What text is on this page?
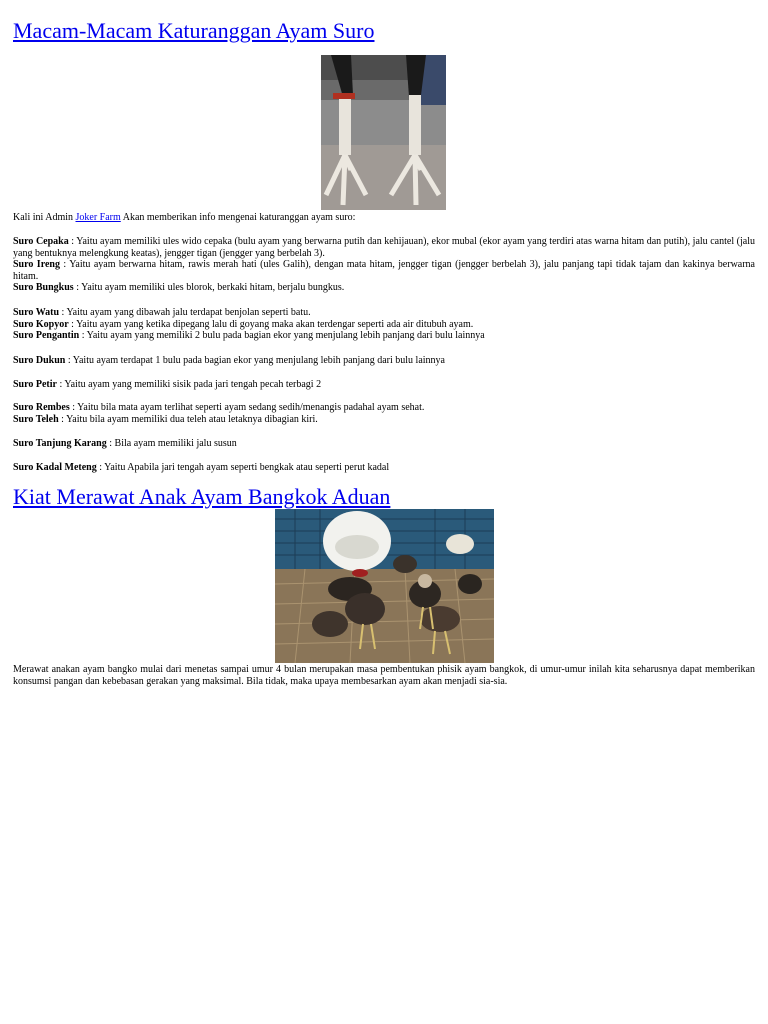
Macam-Macam Katuranggan Ayam Suro

Kali ini Admin Joker Farm Akan memberikan info mengenai katuranggan ayam suro:

Suro Cepaka : Yaitu ayam memiliki ules wido cepaka (bulu ayam yang berwarna putih dan kehijauan), ekor mubal (ekor ayam yang terdiri atas warna hitam dan putih), jalu cantel (jalu yang bentuknya melengkung keatas), jengger tigan (jengger yang berbelah 3).

Suro Ireng : Yaitu ayam berwarna hitam, rawis merah hati (ules Galih), dengan mata hitam, jengger tigan (jengger berbelah 3), jalu panjang tapi tidak tajam dan kakinya berwarna hitam.

Suro Bungkus : Yaitu ayam memiliki ules blorok, berkaki hitam, berjalu bungkus.

Suro Watu : Yaitu ayam yang dibawah jalu terdapat benjolan seperti batu.

Suro Kopyor : Yaitu ayam yang ketika dipegang lalu di goyang maka akan terdengar seperti ada air ditubuh ayam.

Suro Pengantin : Yaitu ayam yang memiliki 2 bulu pada bagian ekor yang menjulang lebih panjang dari bulu lainnya

Suro Dukun : Yaitu ayam terdapat 1 bulu pada bagian ekor yang menjulang lebih panjang dari bulu lainnya

Suro Petir : Yaitu ayam yang memiliki sisik pada jari tengah pecah terbagi 2

Suro Rembes : Yaitu bila mata ayam terlihat seperti ayam sedang sedih/menangis padahal ayam sehat.

Suro Teleh : Yaitu bila ayam memiliki dua teleh atau letaknya dibagian kiri.

Suro Tanjung Karang : Bila ayam memiliki jalu susun

Suro Kadal Meteng : Yaitu Apabila jari tengah ayam seperti bengkak atau seperti perut kadal

Kiat Merawat Anak Ayam Bangkok Aduan

Merawat anakan ayam bangko mulai dari menetas sampai umur 4 bulan merupakan masa pembentukan phisik ayam bangkok, di umur-umur inilah kita seharusnya dapat memberikan konsumsi pangan dan kebebasan gerakan yang maksimal. Bila tidak, maka upaya membesarkan ayam akan menjadi sia-sia.
